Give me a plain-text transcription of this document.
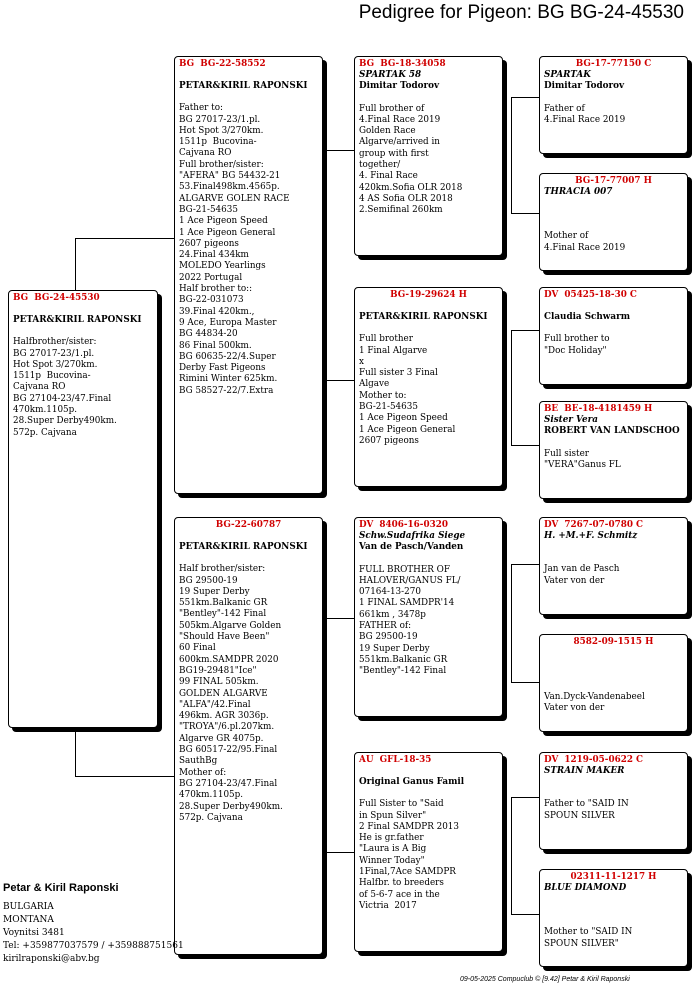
Pedigree for Pigeon: BG BG-24-45530
BG  BG-24-45530
PETAR&KIRIL RAPONSKI
Halfbrother/sister:
BG 27017-23/1.pl.
Hot Spot 3/270km.
1511p  Bucovina-
Cajvana RO
BG 27104-23/47.Final
470km.1105p.
28.Super Derby490km.
572p. Cajvana
BG  BG-22-58552
PETAR&KIRIL RAPONSKI
Father to:
BG 27017-23/1.pl.
Hot Spot 3/270km.
1511p  Bucovina-
Cajvana RO
Full brother/sister:
"AFERA" BG 54432-21
53.Final498km.4565p.
ALGARVE GOLEN RACE
BG-21-54635
1 Ace Pigeon Speed
1 Ace Pigeon General
2607 pigeons
24.Final 434km
MOLEDO Yearlings
2022 Portugal
Half brother to::
BG-22-031073
39.Final 420km.,
9 Ace, Europa Master
BG 44834-20
86 Final 500km.
BG 60635-22/4.Super
Derby Fast Pigeons
Rimini Winter 625km.
BG 58527-22/7.Extra
BG-22-60787
PETAR&KIRIL RAPONSKI
Half brother/sister:
BG 29500-19
19 Super Derby
551km.Balkanic GR
"Bentley"-142 Final
505km.Algarve Golden
"Should Have Been"
60 Final
600km.SAMDPR 2020
BG19-29481"Ice"
99 FINAL 505km.
GOLDEN ALGARVE
"ALFA"/42.Final
496km. AGR 3036p.
"TROYA"/6.pl.207km.
Algarve GR 4075p.
BG 60517-22/95.Final
SauthBg
Mother of:
BG 27104-23/47.Final
470km.1105p.
28.Super Derby490km.
572p. Cajvana
BG  BG-18-34058
SPARTAK 58
Dimitar Todorov
Full brother of
4.Final Race 2019
Golden Race
Algarve/arrived in
group with first
together/
4. Final Race
420km.Sofia OLR 2018
4 AS Sofia OLR 2018
2.Semifinal 260km
BG-19-29624 H
PETAR&KIRIL RAPONSKI
Full brother
1 Final Algarve
x
Full sister 3 Final
Algave
Mother to:
BG-21-54635
1 Ace Pigeon Speed
1 Ace Pigeon General
2607 pigeons
DV  8406-16-0320
Schw.Sudafrika Siege
Van de Pasch/Vanden
FULL BROTHER OF
HALOVER/GANUS FL/
07164-13-270
1 FINAL SAMDPR'14
661km , 3478p
FATHER of:
BG 29500-19
19 Super Derby
551km.Balkanic GR
"Bentley"-142 Final
AU  GFL-18-35
Original Ganus Famil
Full Sister to "Said
in Spun Silver"
2 Final SAMDPR 2013
He is gr.father
"Laura is A Big
Winner Today"
1Final,7Ace SAMDPR
Halfbr. to breeders
of 5-6-7 ace in the
Victria  2017
BG-17-77150 C
SPARTAK
Dimitar Todorov
Father of
4.Final Race 2019
BG-17-77007 H
THRACIA 007
Mother of
4.Final Race 2019
DV  05425-18-30 C
Claudia Schwarm
Full brother to
"Doc Holiday"
BE  BE-18-4181459 H
Sister Vera
ROBERT VAN LANDSCHOO
Full sister
"VERA"Ganus FL
DV  7267-07-0780 C
H. +M.+F. Schmitz
Jan van de Pasch
Vater von der
8582-09-1515 H
Van.Dyck-Vandenabeel
Vater von der
DV  1219-05-0622 C
STRAIN MAKER
Father to "SAID IN
SPOUN SILVER
02311-11-1217 H
BLUE DIAMOND
Mother to "SAID IN
SPOUN SILVER"
Petar & Kiril Raponski
BULGARIA
MONTANA
Voynitsi 3481
Tel: +359877037579 / +359888751561
kirilraponski@abv.bg
09-05-2025 Compuclub © [9.42] Petar & Kiril Raponski
